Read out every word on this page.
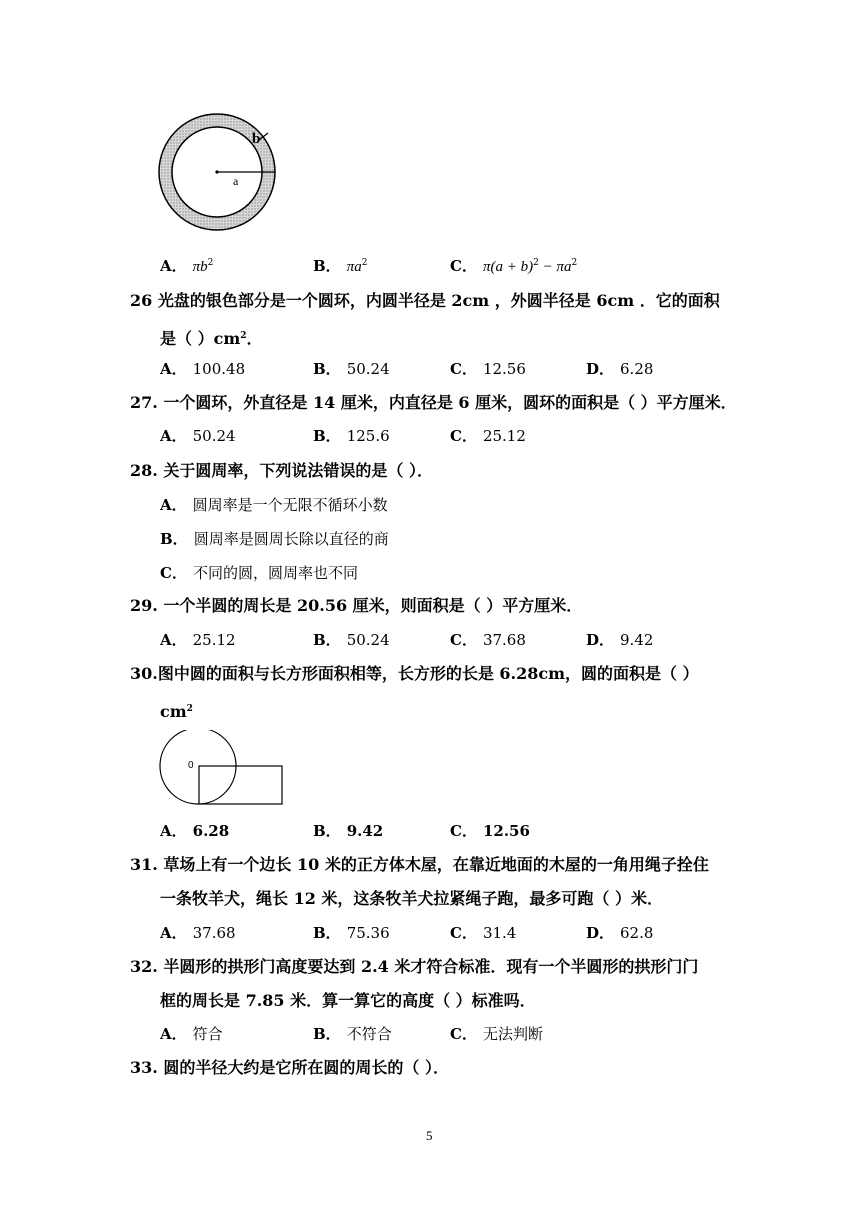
a
b
A． $\pi b^2$	B． $\pi a^2$	C． $\pi(a + b)^2 - \pi a^2$
26 光盘的银色部分是一个圆环，内圆半径是 2cm ，外圆半径是 6cm ．它的面积
是（ ）$cm^2$．
A． 100.48	B． 50.24	C． 12.56	D． 6.28
27. 一个圆环，外直径是 14 厘米，内直径是 6 厘米，圆环的面积是（ ）平方厘米．
A． 50.24	B． 125.6	C． 25.12
28. 关于圆周率，下列说法错误的是（ ）．
A． 圆周率是一个无限不循环小数
B． 圆周率是圆周长除以直径的商
C． 不同的圆，圆周率也不同
29. 一个半圆的周长是 20.56 厘米，则面积是（ ）平方厘米．
A． 25.12	B． 50.24	C． 37.68	D． 9.42
30.图中圆的面积与长方形面积相等，长方形的长是 6.28cm，圆的面积是（ ）
$cm^2$
0
A． 6.28	B． 9.42	C． 12.56
31. 草场上有一个边长 10 米的正方体木屋，在靠近地面的木屋的一角用绳子拴住
一条牧羊犬，绳长 12 米，这条牧羊犬拉紧绳子跑，最多可跑（ ）米．
A． 37.68	B． 75.36	C． 31.4	D． 62.8
32. 半圆形的拱形门高度要达到 2.4 米才符合标准．现有一个半圆形的拱形门门
框的周长是 7.85 米．算一算它的高度（ ）标准吗．
A． 符合	B． 不符合	C． 无法判断
33. 圆的半径大约是它所在圆的周长的（ ）．
5
